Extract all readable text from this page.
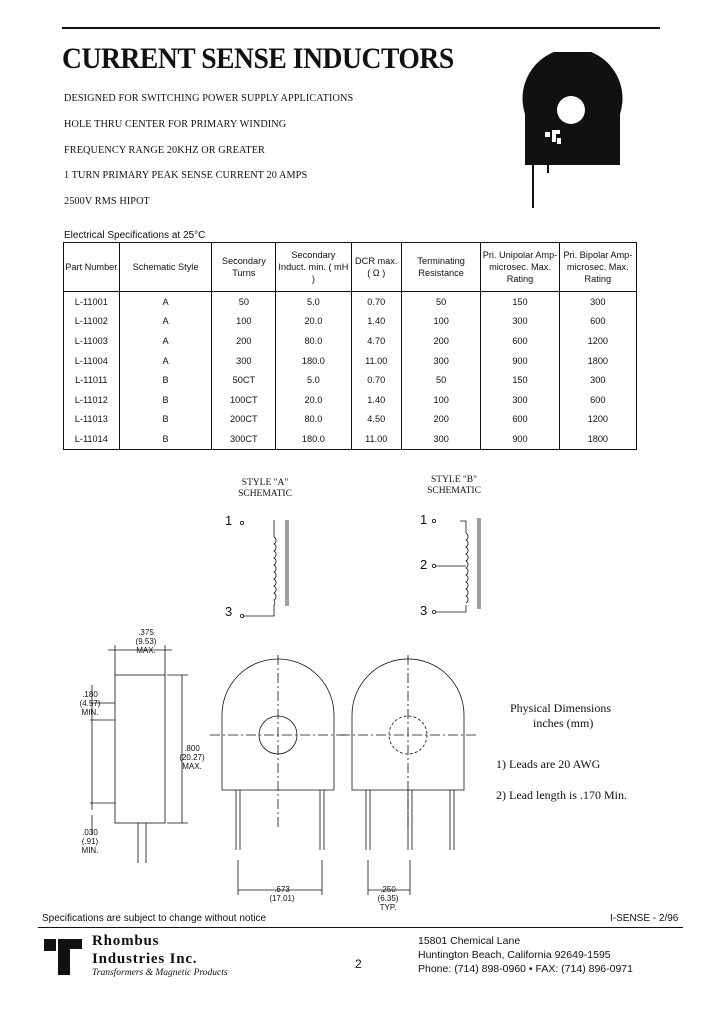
CURRENT SENSE INDUCTORS
DESIGNED FOR SWITCHING POWER SUPPLY APPLICATIONS
HOLE THRU CENTER FOR PRIMARY WINDING
FREQUENCY RANGE 20KHZ OR GREATER
1 TURN PRIMARY PEAK SENSE CURRENT 20 AMPS
2500V RMS HIPOT
Electrical Specifications at 25°C
Part Number	Schematic Style	Secondary Turns	Secondary Induct. min. ( mH )	DCR max. ( Ω )	Terminating Resistance	Pri. Unipolar Amp-microsec. Max. Rating	Pri. Bipolar Amp-microsec. Max. Rating
L-11001	A	50	5.0	0.70	50	150	300
L-11002	A	100	20.0	1.40	100	300	600
L-11003	A	200	80.0	4.70	200	600	1200
L-11004	A	300	180.0	11.00	300	900	1800
L-11011	B	50CT	5.0	0.70	50	150	300
L-11012	B	100CT	20.0	1.40	100	300	600
L-11013	B	200CT	80.0	4.50	200	600	1200
L-11014	B	300CT	180.0	11.00	300	900	1800
STYLE "A"
SCHEMATIC
1
3
STYLE "B"
SCHEMATIC
1
2
3
.375
(9.53)
MAX.
.180
(4.57)
MIN.
.800
(20.27)
MAX.
.030
(.91)
MIN.
.673
(17.01)
.250
(6.35)
TYP.
Physical Dimensions
inches (mm)
1) Leads are 20 AWG
2) Lead length is .170 Min.
Specifications are subject to change without notice	I-SENSE - 2/96
Rhombus
Industries Inc.
Transformers & Magnetic Products
2
15801 Chemical Lane
Huntington Beach, California 92649-1595
Phone: (714) 898-0960 • FAX: (714) 896-0971
